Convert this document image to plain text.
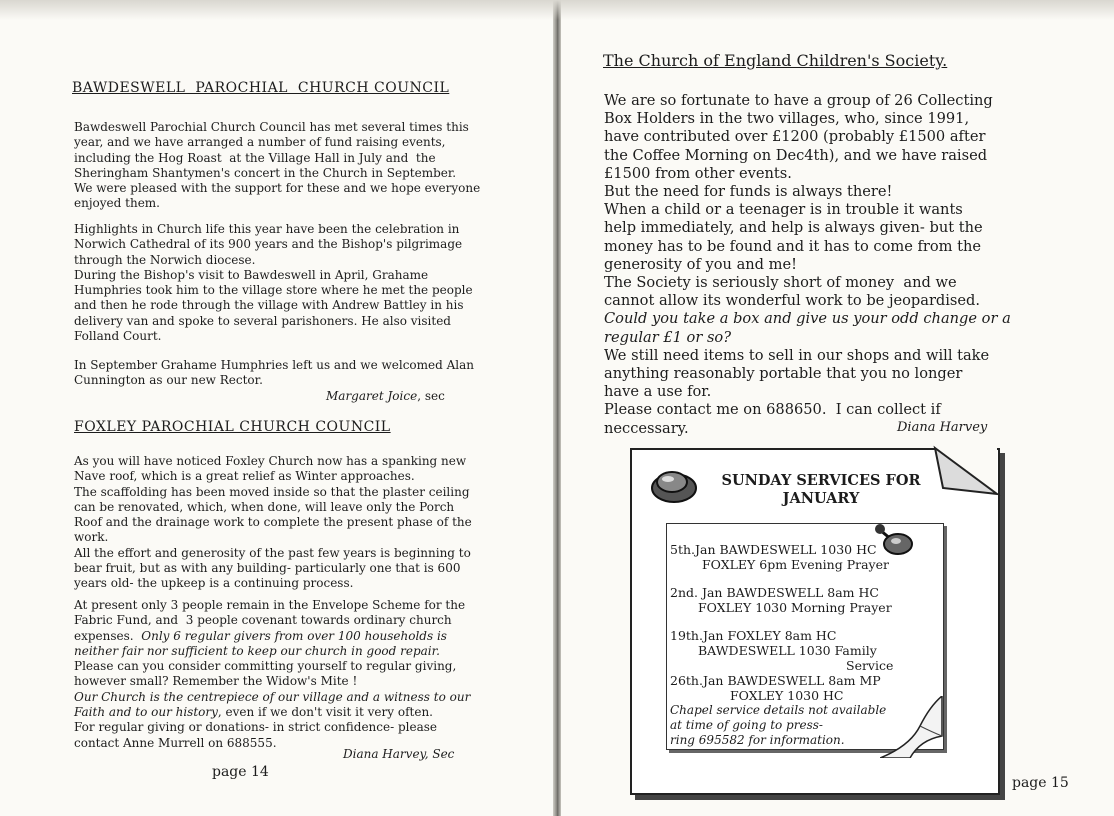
BAWDESWELL  PAROCHIAL  CHURCH COUNCIL
Bawdeswell Parochial Church Council has met several times this
year, and we have arranged a number of fund raising events,
including the Hog Roast  at the Village Hall in July and  the
Sheringham Shantymen's concert in the Church in September.
We were pleased with the support for these and we hope everyone
enjoyed them.
Highlights in Church life this year have been the celebration in
Norwich Cathedral of its 900 years and the Bishop's pilgrimage
through the Norwich diocese.
During the Bishop's visit to Bawdeswell in April, Grahame
Humphries took him to the village store where he met the people
and then he rode through the village with Andrew Battley in his
delivery van and spoke to several parishoners. He also visited
Folland Court.
In September Grahame Humphries left us and we welcomed Alan
Cunnington as our new Rector.
Margaret Joice, sec
FOXLEY PAROCHIAL CHURCH COUNCIL
As you will have noticed Foxley Church now has a spanking new
Nave roof, which is a great relief as Winter approaches.
The scaffolding has been moved inside so that the plaster ceiling
can be renovated, which, when done, will leave only the Porch
Roof and the drainage work to complete the present phase of the
work.
All the effort and generosity of the past few years is beginning to
bear fruit, but as with any building- particularly one that is 600
years old- the upkeep is a continuing process.
At present only 3 people remain in the Envelope Scheme for the
Fabric Fund, and  3 people covenant towards ordinary church
expenses.  Only 6 regular givers from over 100 households is
neither fair nor sufficient to keep our church in good repair.
Please can you consider committing yourself to regular giving,
however small? Remember the Widow's Mite !
Our Church is the centrepiece of our village and a witness to our
Faith and to our history, even if we don't visit it very often.
For regular giving or donations- in strict confidence- please
contact Anne Murrell on 688555.
Diana Harvey, Sec
page 14
The Church of England Children's Society.
We are so fortunate to have a group of 26 Collecting
Box Holders in the two villages, who, since 1991,
have contributed over £1200 (probably £1500 after
the Coffee Morning on Dec4th), and we have raised
£1500 from other events.
But the need for funds is always there!
When a child or a teenager is in trouble it wants
help immediately, and help is always given- but the
money has to be found and it has to come from the
generosity of you and me!
The Society is seriously short of money  and we
cannot allow its wonderful work to be jeopardised.
Could you take a box and give us your odd change or a
regular £1 or so?
We still need items to sell in our shops and will take
anything reasonably portable that you no longer
have a use for.
Please contact me on 688650.  I can collect if
neccessary.	Diana Harvey
SUNDAY SERVICES FOR
JANUARY
5th.Jan BAWDESWELL 1030 HC
FOXLEY 6pm Evening Prayer
2nd. Jan BAWDESWELL 8am HC
FOXLEY 1030 Morning Prayer
19th.Jan FOXLEY 8am HC
BAWDESWELL 1030 Family
Service
26th.Jan BAWDESWELL 8am MP
FOXLEY 1030 HC
Chapel service details not available
at time of going to press-
ring 695582 for information.
page 15
